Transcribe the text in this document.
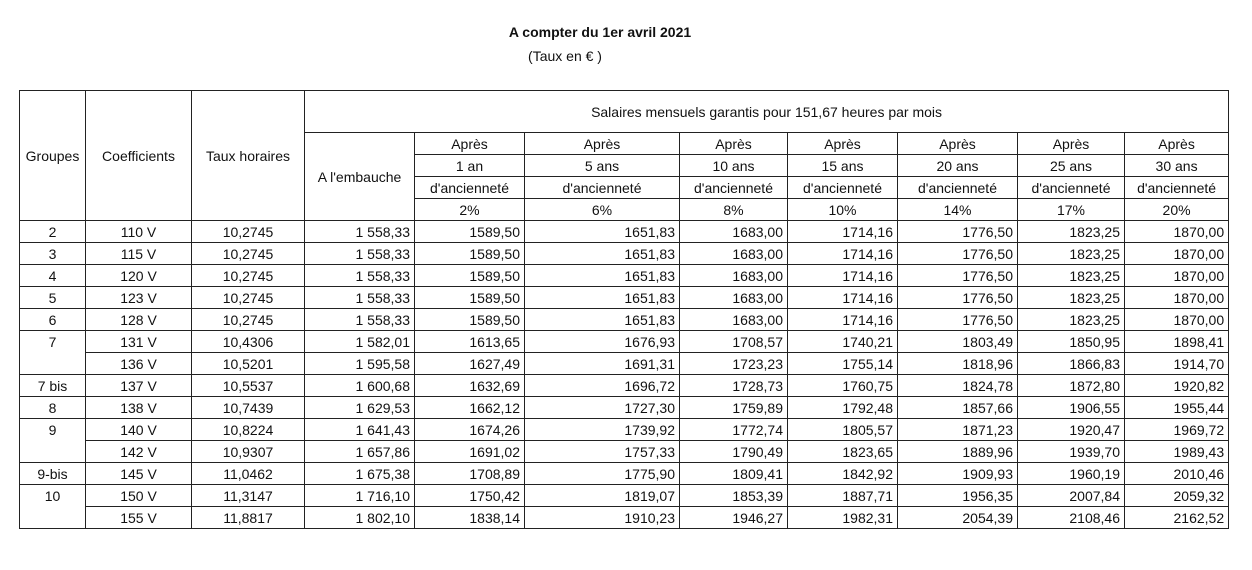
A compter du 1er avril 2021
(Taux en € )
Groupes	Coefficients	Taux horaires	Salaires mensuels garantis pour 151,67 heures par mois							
			A l'embauche	Après	Après	Après	Après	Après	Après	Après
				1 an	5 ans	10 ans	15 ans	20 ans	25 ans	30 ans
				d'ancienneté	d'ancienneté	d'ancienneté	d'ancienneté	d'ancienneté	d'ancienneté	d'ancienneté
				2%	6%	8%	10%	14%	17%	20%
2	110 V	10,2745	1 558,33	1589,50	1651,83	1683,00	1714,16	1776,50	1823,25	1870,00
3	115 V	10,2745	1 558,33	1589,50	1651,83	1683,00	1714,16	1776,50	1823,25	1870,00
4	120 V	10,2745	1 558,33	1589,50	1651,83	1683,00	1714,16	1776,50	1823,25	1870,00
5	123 V	10,2745	1 558,33	1589,50	1651,83	1683,00	1714,16	1776,50	1823,25	1870,00
6	128 V	10,2745	1 558,33	1589,50	1651,83	1683,00	1714,16	1776,50	1823,25	1870,00
7	131 V	10,4306	1 582,01	1613,65	1676,93	1708,57	1740,21	1803,49	1850,95	1898,41
	136 V	10,5201	1 595,58	1627,49	1691,31	1723,23	1755,14	1818,96	1866,83	1914,70
7 bis	137 V	10,5537	1 600,68	1632,69	1696,72	1728,73	1760,75	1824,78	1872,80	1920,82
8	138 V	10,7439	1 629,53	1662,12	1727,30	1759,89	1792,48	1857,66	1906,55	1955,44
9	140 V	10,8224	1 641,43	1674,26	1739,92	1772,74	1805,57	1871,23	1920,47	1969,72
	142 V	10,9307	1 657,86	1691,02	1757,33	1790,49	1823,65	1889,96	1939,70	1989,43
9-bis	145 V	11,0462	1 675,38	1708,89	1775,90	1809,41	1842,92	1909,93	1960,19	2010,46
10	150 V	11,3147	1 716,10	1750,42	1819,07	1853,39	1887,71	1956,35	2007,84	2059,32
	155 V	11,8817	1 802,10	1838,14	1910,23	1946,27	1982,31	2054,39	2108,46	2162,52
